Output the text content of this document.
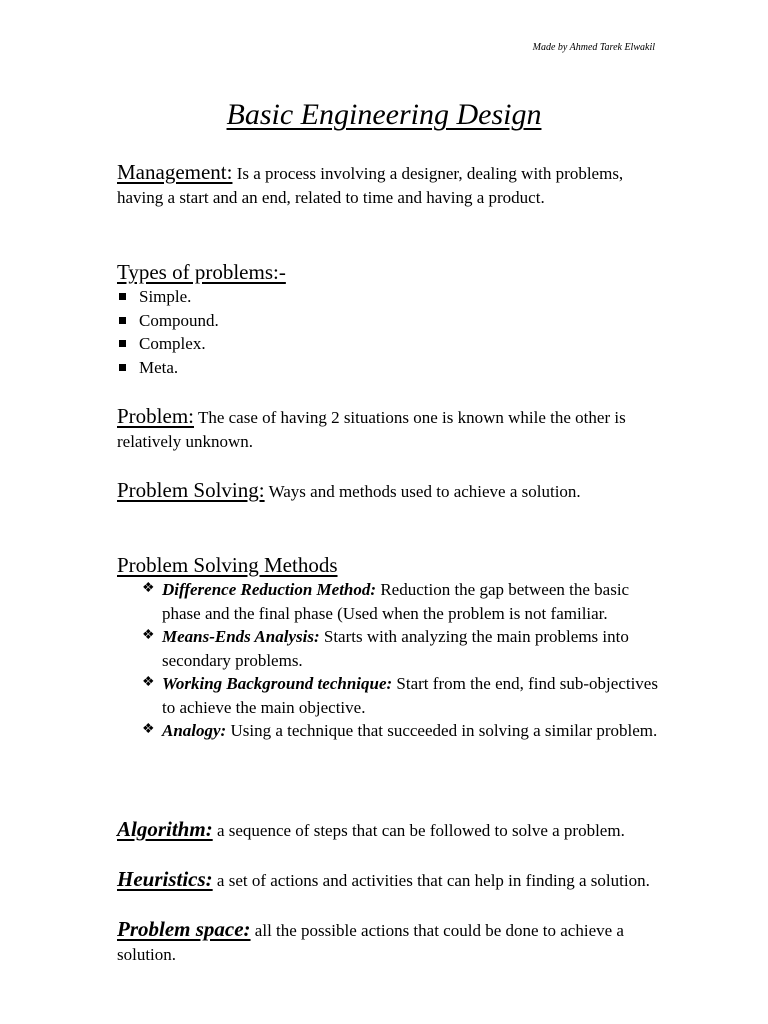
Made by Ahmed Tarek Elwakil
Basic Engineering Design
Management: Is a process involving a designer, dealing with problems, having a start and an end, related to time and having a product.
Types of problems:-
Simple.
Compound.
Complex.
Meta.
Problem: The case of having 2 situations one is known while the other is relatively unknown.
Problem Solving: Ways and methods used to achieve a solution.
Problem Solving Methods
❖ Difference Reduction Method: Reduction the gap between the basic phase and the final phase (Used when the problem is not familiar.
❖ Means-Ends Analysis: Starts with analyzing the main problems into secondary problems.
❖ Working Background technique: Start from the end, find sub-objectives to achieve the main objective.
❖ Analogy: Using a technique that succeeded in solving a similar problem.
Algorithm: a sequence of steps that can be followed to solve a problem.
Heuristics: a set of actions and activities that can help in finding a solution.
Problem space: all the possible actions that could be done to achieve a solution.
